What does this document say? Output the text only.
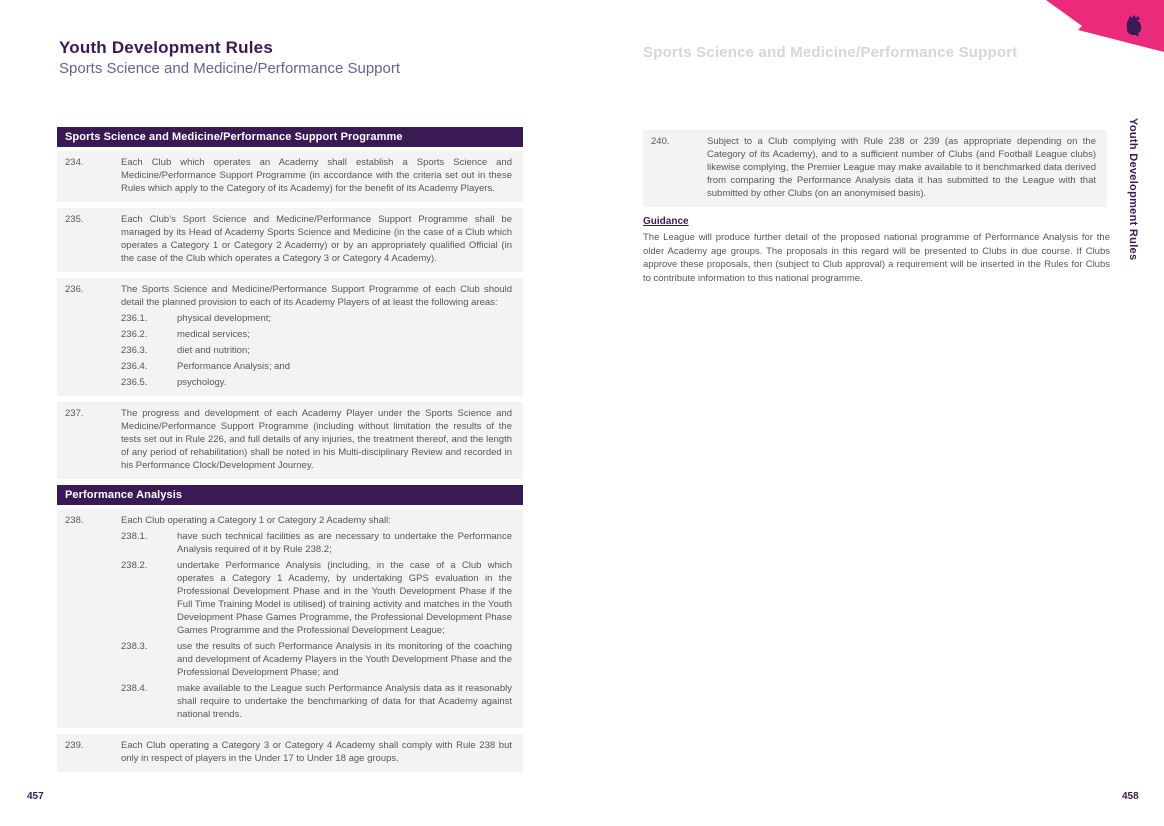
Youth Development Rules
Sports Science and Medicine/Performance Support
Sports Science and Medicine/Performance Support Programme
234.	Each Club which operates an Academy shall establish a Sports Science and Medicine/Performance Support Programme (in accordance with the criteria set out in these Rules which apply to the Category of its Academy) for the benefit of its Academy Players.
235.	Each Club’s Sport Science and Medicine/Performance Support Programme shall be managed by its Head of Academy Sports Science and Medicine (in the case of a Club which operates a Category 1 or Category 2 Academy) or by an appropriately qualified Official (in the case of the Club which operates a Category 3 or Category 4 Academy).
236.	The Sports Science and Medicine/Performance Support Programme of each Club should detail the planned provision to each of its Academy Players of at least the following areas:
236.1.	physical development;
236.2.	medical services;
236.3.	diet and nutrition;
236.4.	Performance Analysis; and
236.5.	psychology.
237.	The progress and development of each Academy Player under the Sports Science and Medicine/Performance Support Programme (including without limitation the results of the tests set out in Rule 226, and full details of any injuries, the treatment thereof, and the length of any period of rehabilitation) shall be noted in his Multi-disciplinary Review and recorded in his Performance Clock/Development Journey.
Performance Analysis
238.	Each Club operating a Category 1 or Category 2 Academy shall:
238.1.	have such technical facilities as are necessary to undertake the Performance Analysis required of it by Rule 238.2;
238.2.	undertake Performance Analysis (including, in the case of a Club which operates a Category 1 Academy, by undertaking GPS evaluation in the Professional Development Phase and in the Youth Development Phase if the Full Time Training Model is utilised) of training activity and matches in the Youth Development Phase Games Programme, the Professional Development Phase Games Programme and the Professional Development League;
238.3.	use the results of such Performance Analysis in its monitoring of the coaching and development of Academy Players in the Youth Development Phase and the Professional Development Phase; and
238.4.	make available to the League such Performance Analysis data as it reasonably shall require to undertake the benchmarking of data for that Academy against national trends.
239.	Each Club operating a Category 3 or Category 4 Academy shall comply with Rule 238 but only in respect of players in the Under 17 to Under 18 age groups.
Sports Science and Medicine/Performance Support
240.	Subject to a Club complying with Rule 238 or 239 (as appropriate depending on the Category of its Academy), and to a sufficient number of Clubs (and Football League clubs) likewise complying, the Premier League may make available to it benchmarked data derived from comparing the Performance Analysis data it has submitted to the League with that submitted by other Clubs (on an anonymised basis).
Guidance
The League will produce further detail of the proposed national programme of Performance Analysis for the older Academy age groups. The proposals in this regard will be presented to Clubs in due course. If Clubs approve these proposals, then (subject to Club approval) a requirement will be inserted in the Rules for Clubs to contribute information to this national programme.
Youth Development Rules
457	458
